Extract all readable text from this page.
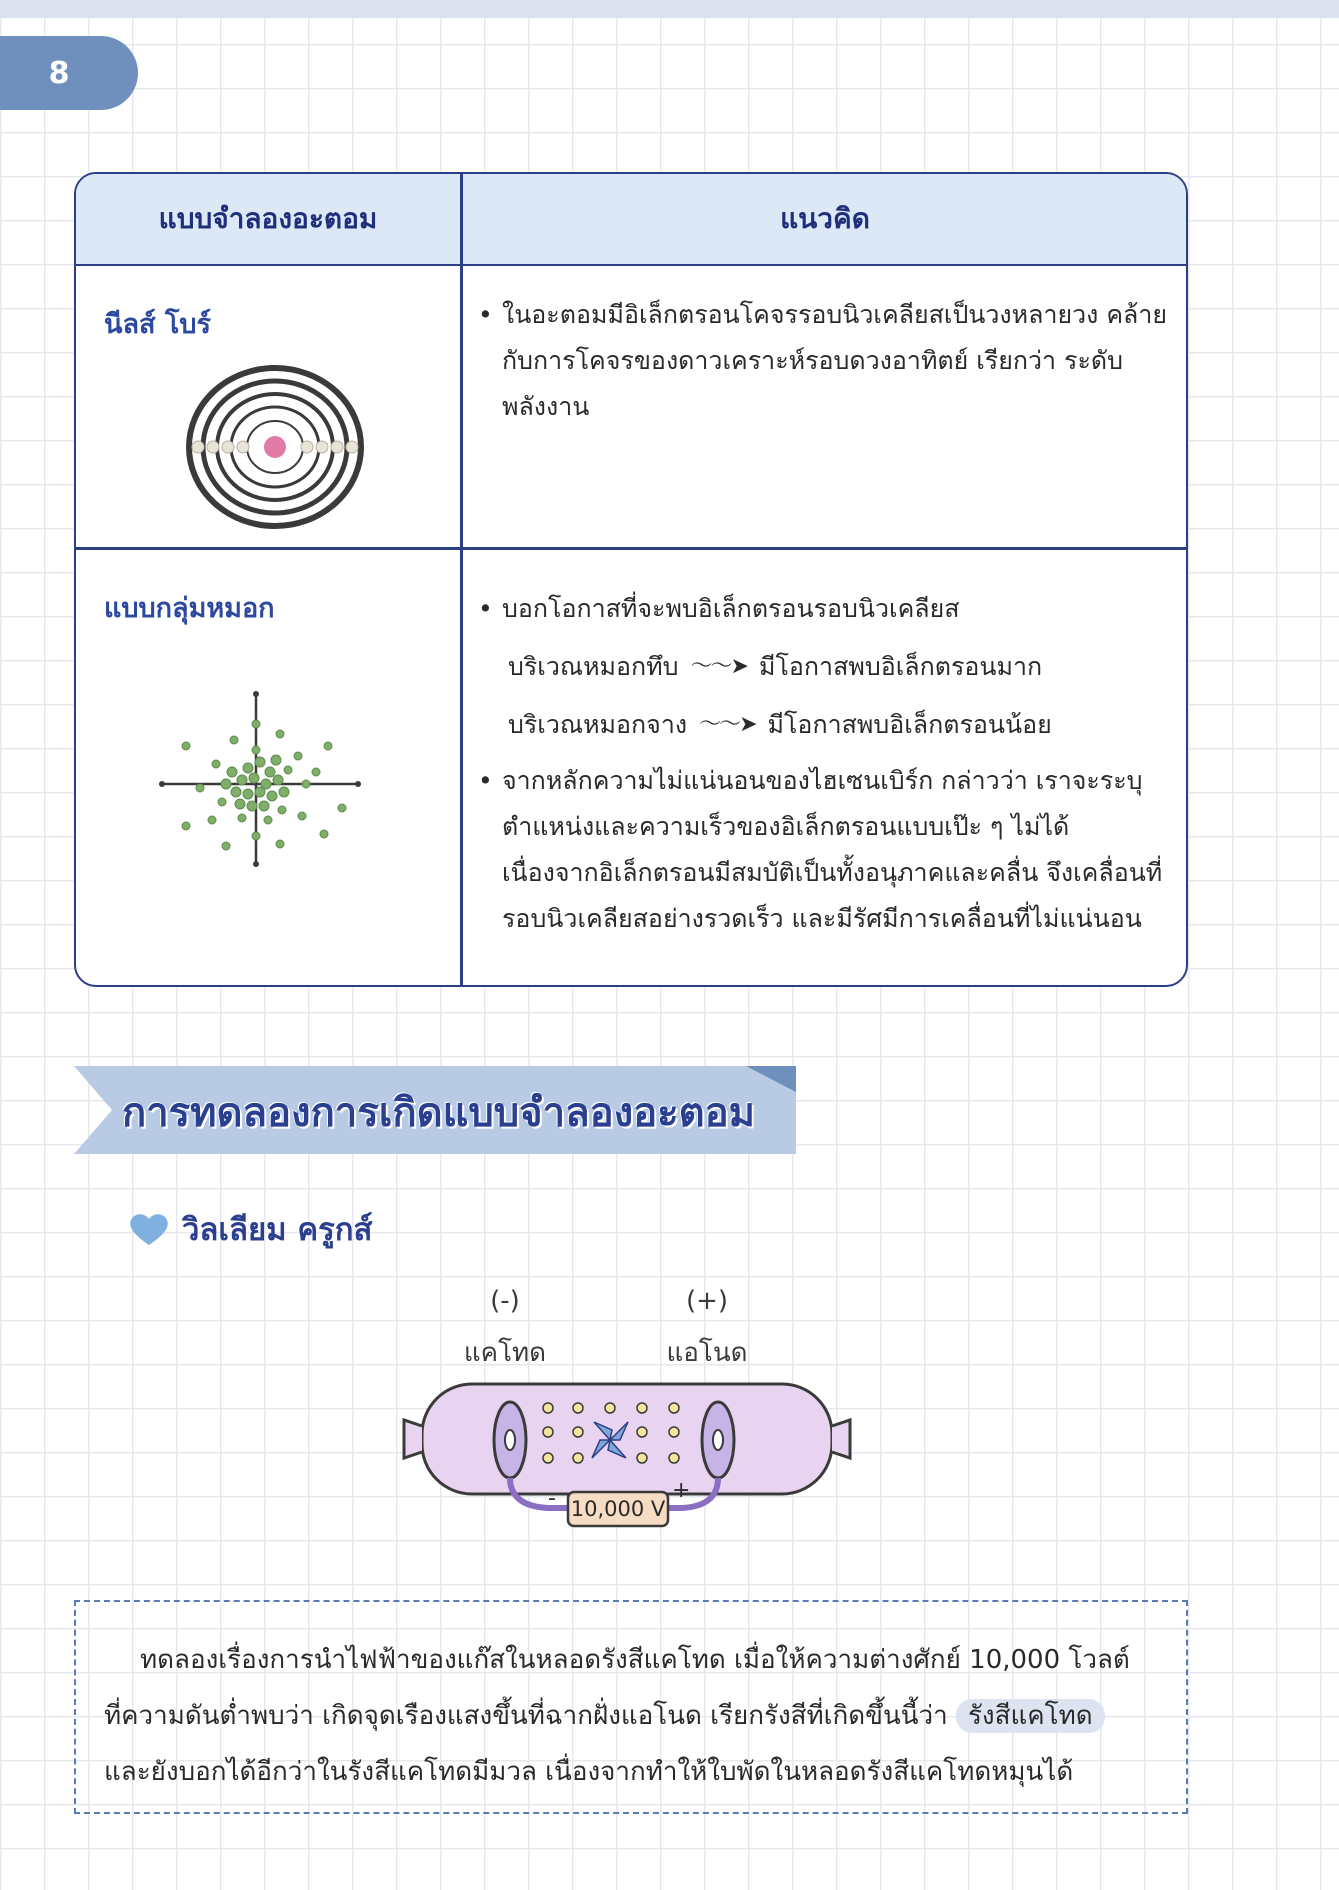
8
แบบจำลองอะตอม	แนวคิด
นีลส์ โบร์	• ในอะตอมมีอิเล็กตรอนโคจรรอบนิวเคลียสเป็นวงหลายวง คล้ายกับการโคจรของดาวเคราะห์รอบดวงอาทิตย์ เรียกว่า ระดับพลังงาน
แบบกลุ่มหมอก	• บอกโอกาสที่จะพบอิเล็กตรอนรอบนิวเคลียส
บริเวณหมอกทึบ 〜〜➤ มีโอกาสพบอิเล็กตรอนมาก
บริเวณหมอกจาง 〜〜➤ มีโอกาสพบอิเล็กตรอนน้อย
• จากหลักความไม่แน่นอนของไฮเซนเบิร์ก กล่าวว่า เราจะระบุตำแหน่งและความเร็วของอิเล็กตรอนแบบเป๊ะ ๆ ไม่ได้ เนื่องจากอิเล็กตรอนมีสมบัติเป็นทั้งอนุภาคและคลื่น จึงเคลื่อนที่รอบนิวเคลียสอย่างรวดเร็ว และมีรัศมีการเคลื่อนที่ไม่แน่นอน
การทดลองการเกิดแบบจำลองอะตอม
วิลเลียม ครูกส์
(-)
แคโทด
(+)
แอโนด
10,000 V
-	+
ทดลองเรื่องการนำไฟฟ้าของแก๊สในหลอดรังสีแคโทด เมื่อให้ความต่างศักย์ 10,000 โวลต์ ที่ความดันต่ำพบว่า เกิดจุดเรืองแสงขึ้นที่ฉากฝั่งแอโนด เรียกรังสีที่เกิดขึ้นนี้ว่า รังสีแคโทด และยังบอกได้อีกว่าในรังสีแคโทดมีมวล เนื่องจากทำให้ใบพัดในหลอดรังสีแคโทดหมุนได้
